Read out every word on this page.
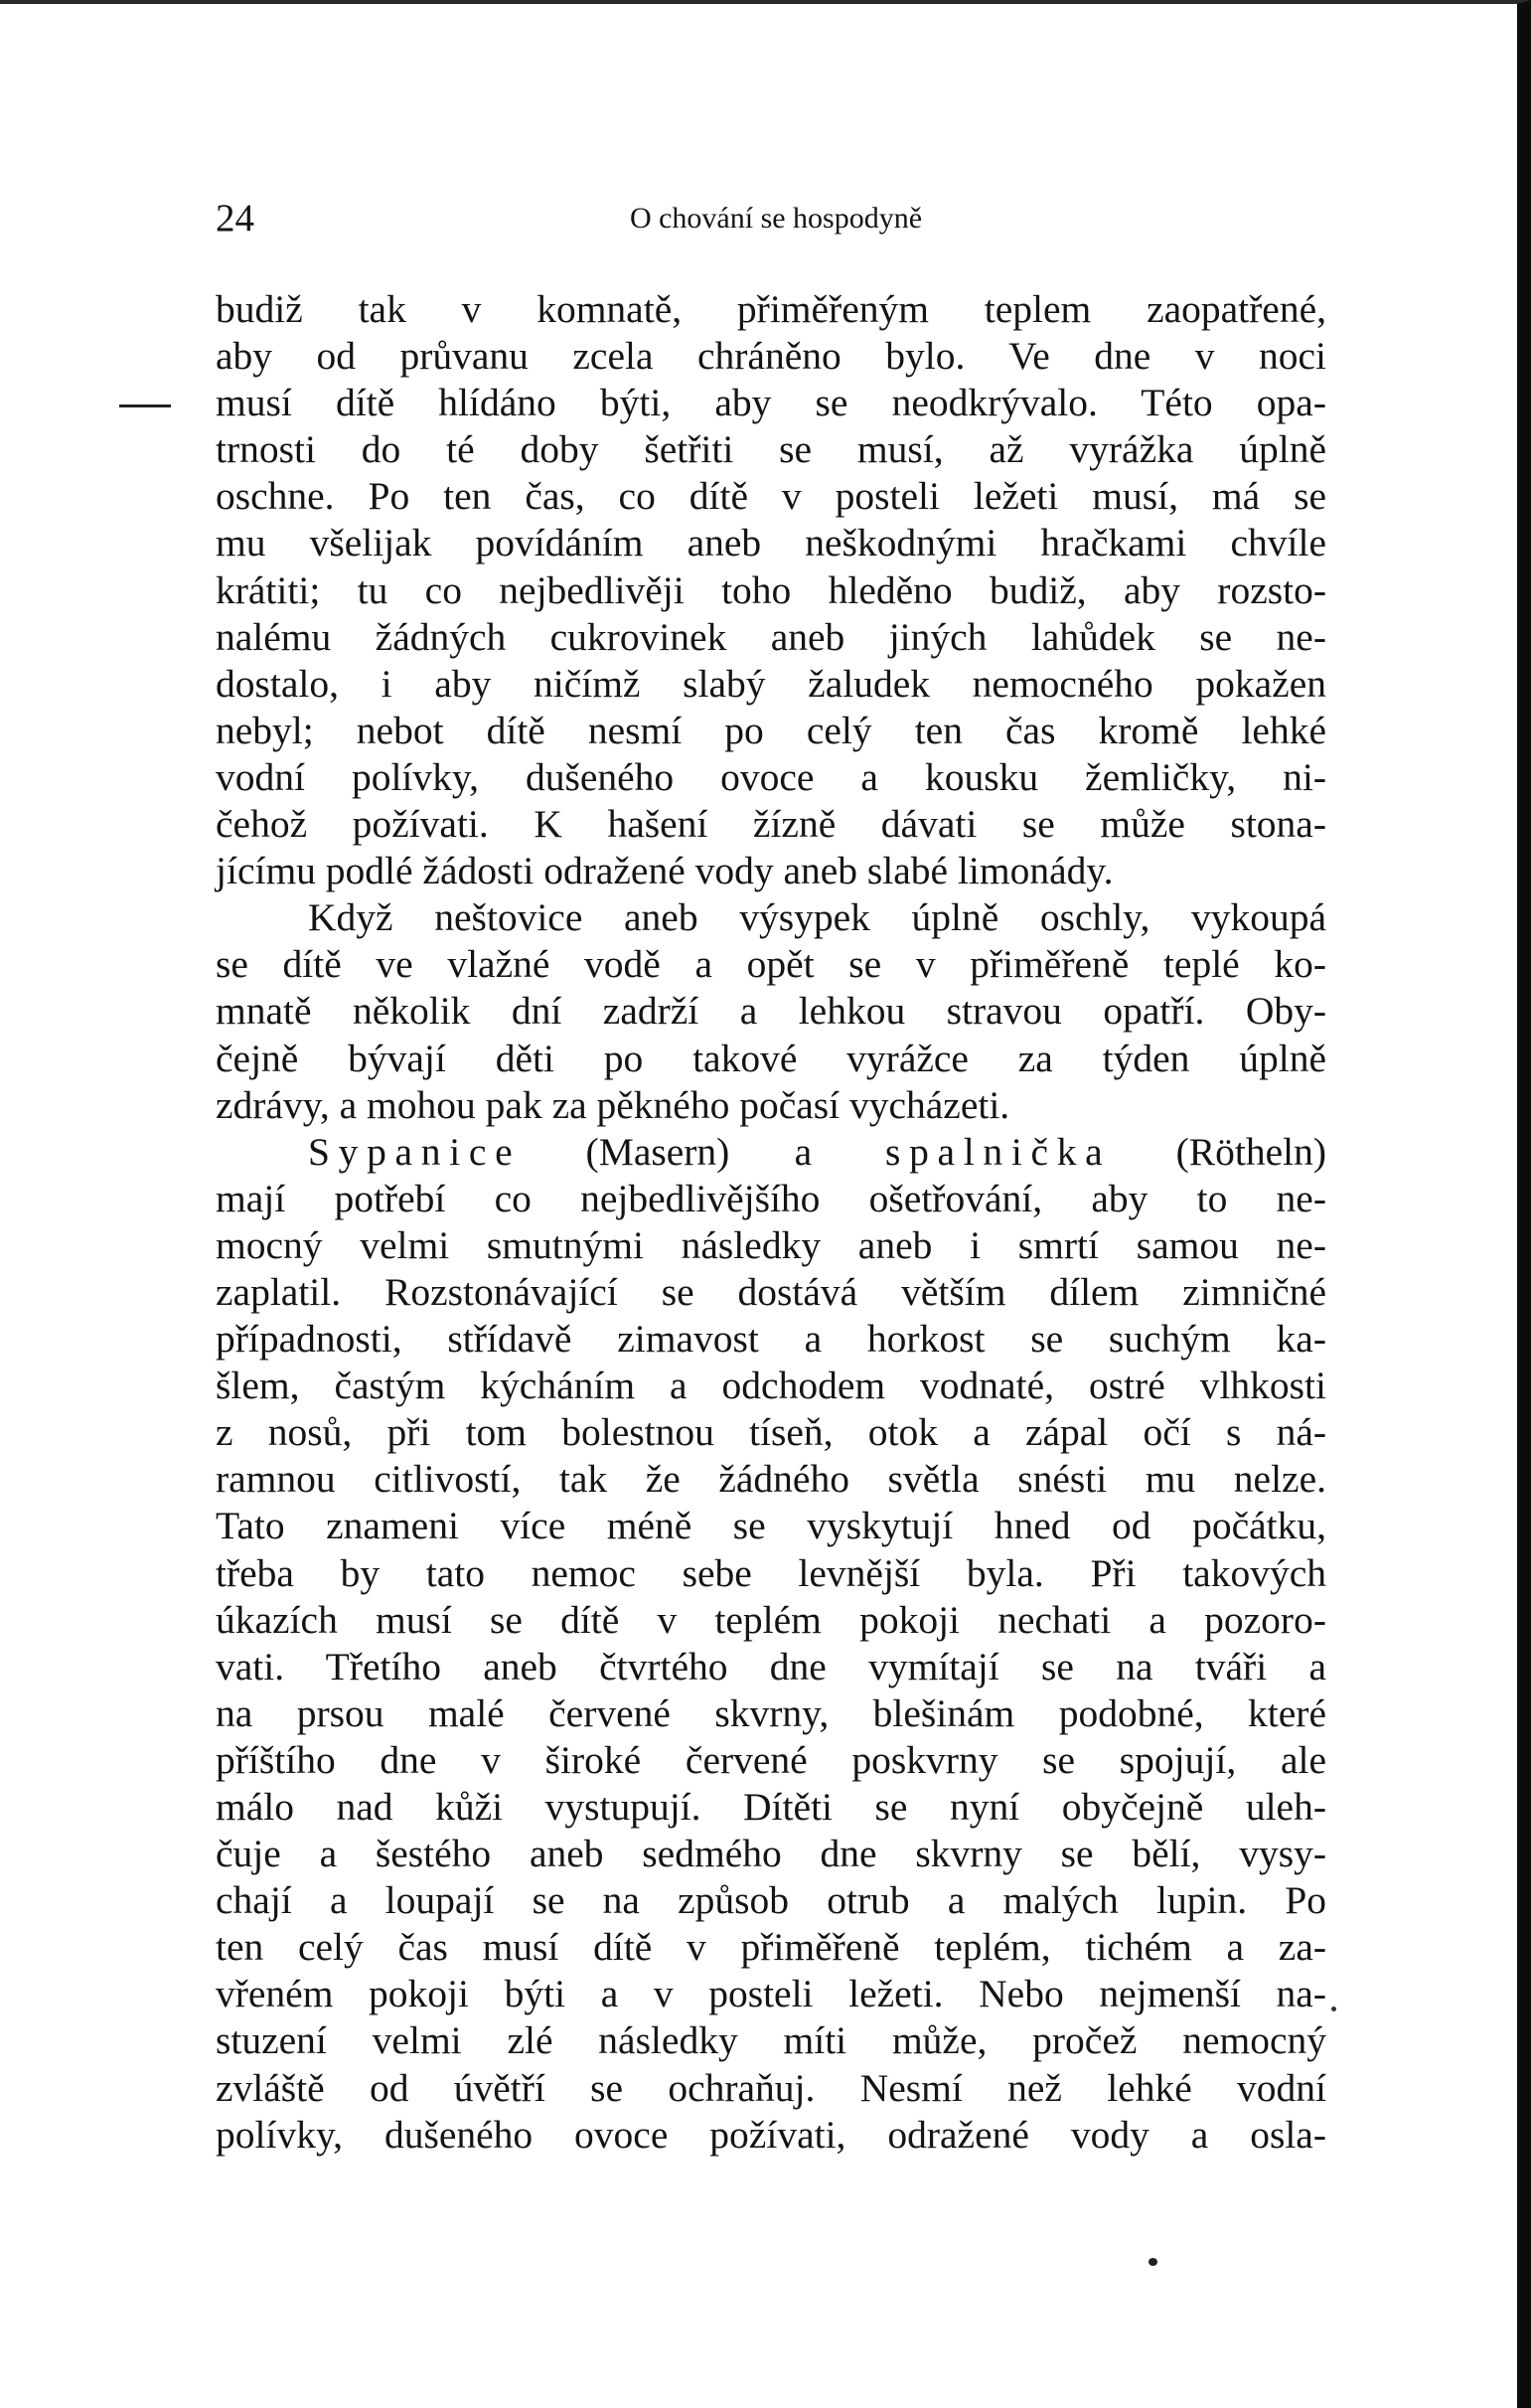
24	O chování se hospodyně
budiž tak v komnatě, přiměřeným teplem zaopatřené,
aby od průvanu zcela chráněno bylo. Ve dne v noci
musí dítě hlídáno býti, aby se neodkrývalo. Této opa-
trnosti do té doby šetřiti se musí, až vyrážka úplně
oschne. Po ten čas, co dítě v posteli ležeti musí, má se
mu všelijak povídáním aneb neškodnými hračkami chvíle
krátiti; tu co nejbedlivěji toho hleděno budiž, aby rozsto-
nalému žádných cukrovinek aneb jiných lahůdek se ne-
dostalo, i aby ničímž slabý žaludek nemocného pokažen
nebyl; nebot dítě nesmí po celý ten čas kromě lehké
vodní polívky, dušeného ovoce a kousku žemličky, ni-
čehož požívati. K hašení žízně dávati se může stona-
jícímu podlé žádosti odražené vody aneb slabé limonády.
Když neštovice aneb výsypek úplně oschly, vykoupá
se dítě ve vlažné vodě a opět se v přiměřeně teplé ko-
mnatě několik dní zadrží a lehkou stravou opatří. Oby-
čejně bývají děti po takové vyrážce za týden úplně
zdrávy, a mohou pak za pěkného počasí vycházeti.
Sypanice (Masern) a spalnička (Rötheln)
mají potřebí co nejbedlivějšího ošetřování, aby to ne-
mocný velmi smutnými následky aneb i smrtí samou ne-
zaplatil. Rozstonávající se dostává větším dílem zimničné
případnosti, střídavě zimavost a horkost se suchým ka-
šlem, častým kýcháním a odchodem vodnaté, ostré vlhkosti
z nosů, při tom bolestnou tíseň, otok a zápal očí s ná-
ramnou citlivostí, tak že žádného světla snésti mu nelze.
Tato znameni více méně se vyskytují hned od počátku,
třeba by tato nemoc sebe levnější byla. Při takových
úkazích musí se dítě v teplém pokoji nechati a pozoro-
vati. Třetího aneb čtvrtého dne vymítají se na tváři a
na prsou malé červené skvrny, blešinám podobné, které
příštího dne v široké červené poskvrny se spojují, ale
málo nad kůži vystupují. Dítěti se nyní obyčejně uleh-
čuje a šestého aneb sedmého dne skvrny se bělí, vysy-
chají a loupají se na způsob otrub a malých lupin. Po
ten celý čas musí dítě v přiměřeně teplém, tichém a za-
vřeném pokoji býti a v posteli ležeti. Nebo nejmenší na-
stuzení velmi zlé následky míti může, pročež nemocný
zvláště od úvětří se ochraňuj. Nesmí než lehké vodní
polívky, dušeného ovoce požívati, odražené vody a osla-
